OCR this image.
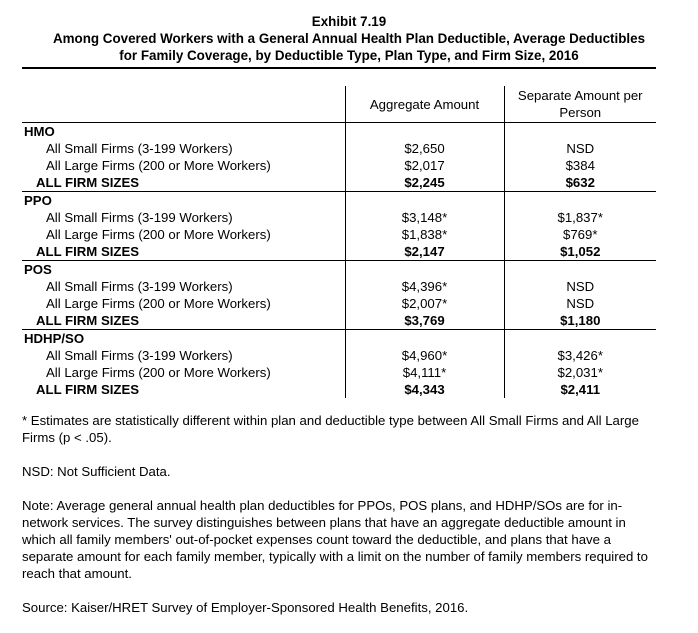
Exhibit 7.19
Among Covered Workers with a General Annual Health Plan Deductible, Average Deductibles
for Family Coverage, by Deductible Type, Plan Type, and Firm Size, 2016
	Aggregate Amount	Separate Amount per
Person
HMO		
All Small Firms (3-199 Workers)	$2,650	NSD
All Large Firms (200 or More Workers)	$2,017	$384
ALL FIRM SIZES	$2,245	$632
PPO		
All Small Firms (3-199 Workers)	$3,148*	$1,837*
All Large Firms (200 or More Workers)	$1,838*	$769*
ALL FIRM SIZES	$2,147	$1,052
POS		
All Small Firms (3-199 Workers)	$4,396*	NSD
All Large Firms (200 or More Workers)	$2,007*	NSD
ALL FIRM SIZES	$3,769	$1,180
HDHP/SO		
All Small Firms (3-199 Workers)	$4,960*	$3,426*
All Large Firms (200 or More Workers)	$4,111*	$2,031*
ALL FIRM SIZES	$4,343	$2,411

* Estimates are statistically different within plan and deductible type between All Small Firms and All Large Firms (p < .05).

NSD: Not Sufficient Data.

Note: Average general annual health plan deductibles for PPOs, POS plans, and HDHP/SOs are for in-network services. The survey distinguishes between plans that have an aggregate deductible amount in which all family members' out-of-pocket expenses count toward the deductible, and plans that have a separate amount for each family member, typically with a limit on the number of family members required to reach that amount.

Source: Kaiser/HRET Survey of Employer-Sponsored Health Benefits, 2016.
